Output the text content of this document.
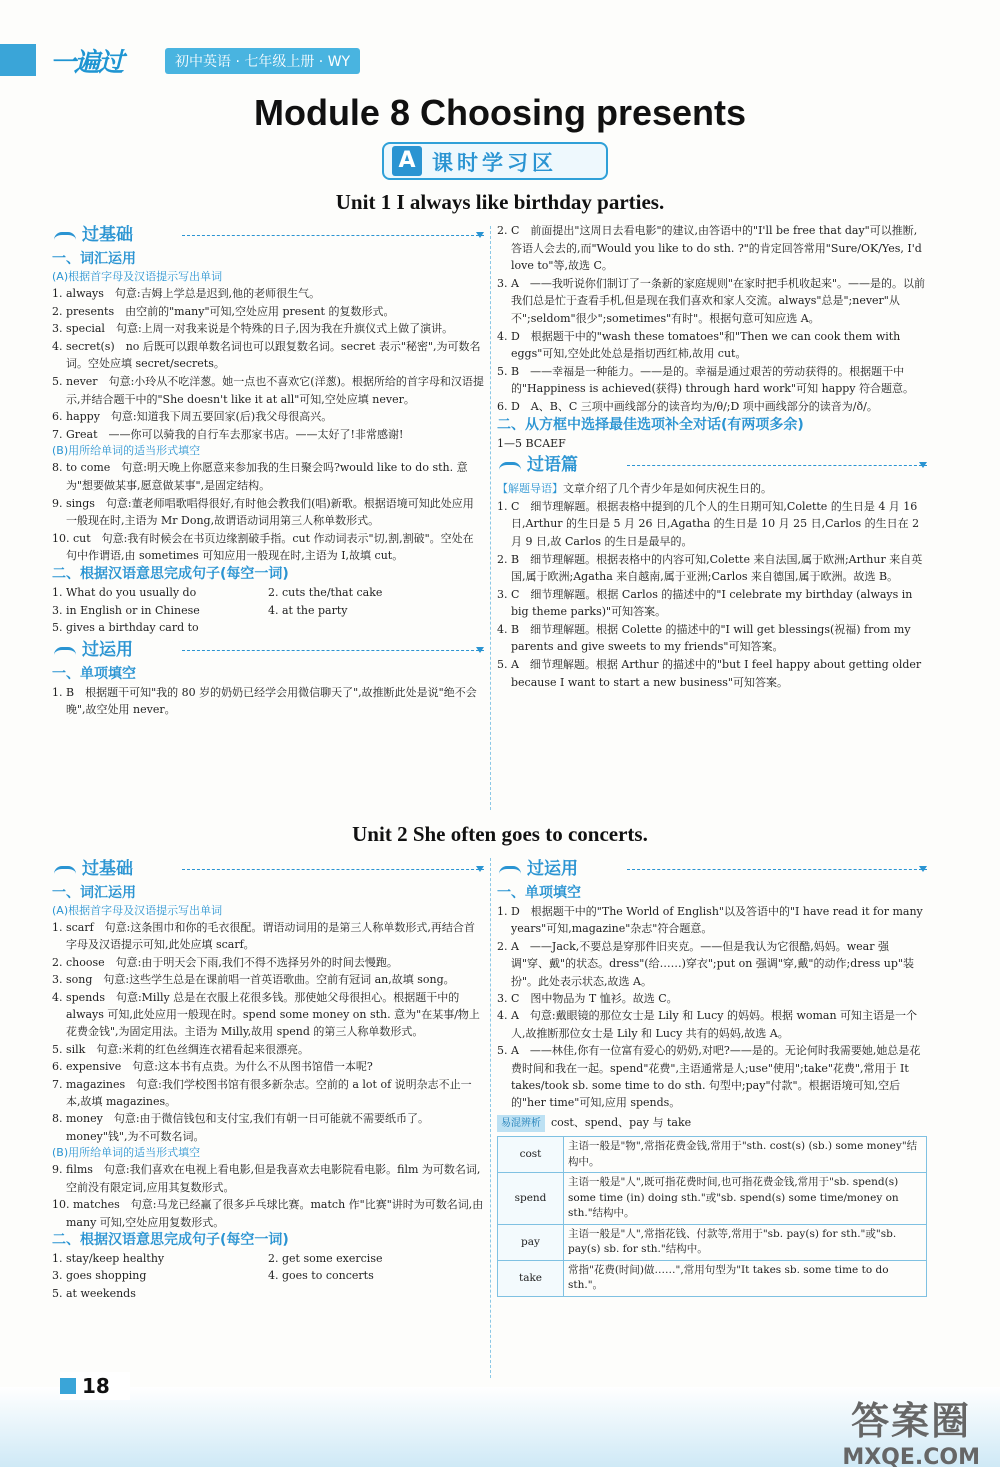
一遍过	初中英语 · 七年级上册 · WY
Module 8 Choosing presents
A 课时学习区
Unit 1 I always like birthday parties.
过基础
一、词汇运用
(A)根据首字母及汉语提示写出单词
1. always　句意:吉姆上学总是迟到,他的老师很生气。
2. presents　由空前的"many"可知,空处应用 present 的复数形式。
3. special　句意:上周一对我来说是个特殊的日子,因为我在升旗仪式上做了演讲。
4. secret(s)　no 后既可以跟单数名词也可以跟复数名词。secret 表示"秘密",为可数名词。空处应填 secret/secrets。
5. never　句意:小玲从不吃洋葱。她一点也不喜欢它(洋葱)。根据所给的首字母和汉语提示,并结合题干中的"She doesn't like it at all"可知,空处应填 never。
6. happy　句意:知道我下周五要回家(后)我父母很高兴。
7. Great　——你可以骑我的自行车去那家书店。——太好了!非常感谢!
(B)用所给单词的适当形式填空
8. to come　句意:明天晚上你愿意来参加我的生日聚会吗?would like to do sth. 意为"想要做某事,愿意做某事",是固定结构。
9. sings　句意:董老师唱歌唱得很好,有时他会教我们(唱)新歌。根据语境可知此处应用一般现在时,主语为 Mr Dong,故谓语动词用第三人称单数形式。
10. cut　句意:我有时候会在书页边缘割破手指。cut 作动词表示"切,割,割破"。空处在句中作谓语,由 sometimes 可知应用一般现在时,主语为 I,故填 cut。
二、根据汉语意思完成句子(每空一词)
1. What do you usually do	2. cuts the/that cake
3. in English or in Chinese	4. at the party
5. gives a birthday card to
过运用
一、单项填空
1. B　根据题干可知"我的 80 岁的奶奶已经学会用微信聊天了",故推断此处是说"绝不会晚",故空处用 never。
2. C　前面提出"这周日去看电影"的建议,由答语中的"I'll be free that day"可以推断,答语人会去的,而"Would you like to do sth. ?"的肯定回答常用"Sure/OK/Yes, I'd love to"等,故选 C。
3. A　——我听说你们制订了一条新的家庭规则"在家时把手机收起来"。——是的。以前我们总是忙于查看手机,但是现在我们喜欢和家人交流。always"总是";never"从不";seldom"很少";sometimes"有时"。根据句意可知应选 A。
4. D　根据题干中的"wash these tomatoes"和"Then we can cook them with eggs"可知,空处此处总是指切西红柿,故用 cut。
5. B　——幸福是一种能力。——是的。幸福是通过艰苦的劳动获得的。根据题干中的"Happiness is achieved(获得) through hard work"可知 happy 符合题意。
6. D　A、B、C 三项中画线部分的读音均为/θ/;D 项中画线部分的读音为/ð/。
二、从方框中选择最佳选项补全对话(有两项多余)
1—5 BCAEF
过语篇
【解题导语】文章介绍了几个青少年是如何庆祝生日的。
1. C　细节理解题。根据表格中提到的几个人的生日期可知,Colette 的生日是 4 月 16 日,Arthur 的生日是 5 月 26 日,Agatha 的生日是 10 月 25 日,Carlos 的生日在 2 月 9 日,故 Carlos 的生日是最早的。
2. B　细节理解题。根据表格中的内容可知,Colette 来自法国,属于欧洲;Arthur 来自英国,属于欧洲;Agatha 来自越南,属于亚洲;Carlos 来自德国,属于欧洲。故选 B。
3. C　细节理解题。根据 Carlos 的描述中的"I celebrate my birthday (always in big theme parks)"可知答案。
4. B　细节理解题。根据 Colette 的描述中的"I will get blessings(祝福) from my parents and give sweets to my friends"可知答案。
5. A　细节理解题。根据 Arthur 的描述中的"but I feel happy about getting older because I want to start a new business"可知答案。
Unit 2 She often goes to concerts.
过基础
一、词汇运用
(A)根据首字母及汉语提示写出单词
1. scarf　句意:这条围巾和你的毛衣很配。谓语动词用的是第三人称单数形式,再结合首字母及汉语提示可知,此处应填 scarf。
2. choose　句意:由于明天会下雨,我们不得不选择另外的时间去慢跑。
3. song　句意:这些学生总是在课前唱一首英语歌曲。空前有冠词 an,故填 song。
4. spends　句意:Milly 总是在衣服上花很多钱。那使她父母很担心。根据题干中的 always 可知,此处应用一般现在时。spend some money on sth. 意为"在某事/物上花费金钱",为固定用法。主语为 Milly,故用 spend 的第三人称单数形式。
5. silk　句意:米莉的红色丝绸连衣裙看起来很漂亮。
6. expensive　句意:这本书有点贵。为什么不从图书馆借一本呢?
7. magazines　句意:我们学校图书馆有很多新杂志。空前的 a lot of 说明杂志不止一本,故填 magazines。
8. money　句意:由于微信钱包和支付宝,我们有朝一日可能就不需要纸币了。money"钱",为不可数名词。
(B)用所给单词的适当形式填空
9. films　句意:我们喜欢在电视上看电影,但是我喜欢去电影院看电影。film 为可数名词,空前没有限定词,应用其复数形式。
10. matches　句意:马龙已经赢了很多乒乓球比赛。match 作"比赛"讲时为可数名词,由 many 可知,空处应用复数形式。
二、根据汉语意思完成句子(每空一词)
1. stay/keep healthy	2. get some exercise
3. goes shopping	4. goes to concerts
5. at weekends
过运用
一、单项填空
1. D　根据题干中的"The World of English"以及答语中的"I have read it for many years"可知,magazine"杂志"符合题意。
2. A　——Jack,不要总是穿那件旧夹克。——但是我认为它很酷,妈妈。wear 强调"穿、戴"的状态。dress"(给……)穿衣";put on 强调"穿,戴"的动作;dress up"装扮"。此处表示状态,故选 A。
3. C　图中物品为 T 恤衫。故选 C。
4. A　句意:戴眼镜的那位女士是 Lily 和 Lucy 的妈妈。根据 woman 可知主语是一个人,故推断那位女士是 Lily 和 Lucy 共有的妈妈,故选 A。
5. A　——林佳,你有一位富有爱心的奶奶,对吧?——是的。无论何时我需要她,她总是花费时间和我在一起。spend"花费",主语通常是人;use"使用";take"花费",常用于 It takes/took sb. some time to do sth. 句型中;pay"付款"。根据语境可知,空后的"her time"可知,应用 spends。
易混辨析 cost、spend、pay 与 take
cost	主语一般是"物",常指花费金钱,常用于"sth. cost(s) (sb.) some money"结构中。
spend	主语一般是"人",既可指花费时间,也可指花费金钱,常用于"sb. spend(s) some time (in) doing sth."或"sb. spend(s) some time/money on sth."结构中。
pay	主语一般是"人",常指花钱、付款等,常用于"sb. pay(s) for sth."或"sb. pay(s) sb. for sth."结构中。
take	常指"花费(时间)做……",常用句型为"It takes sb. some time to do sth."。
18
答案圈
MXQE.COM
